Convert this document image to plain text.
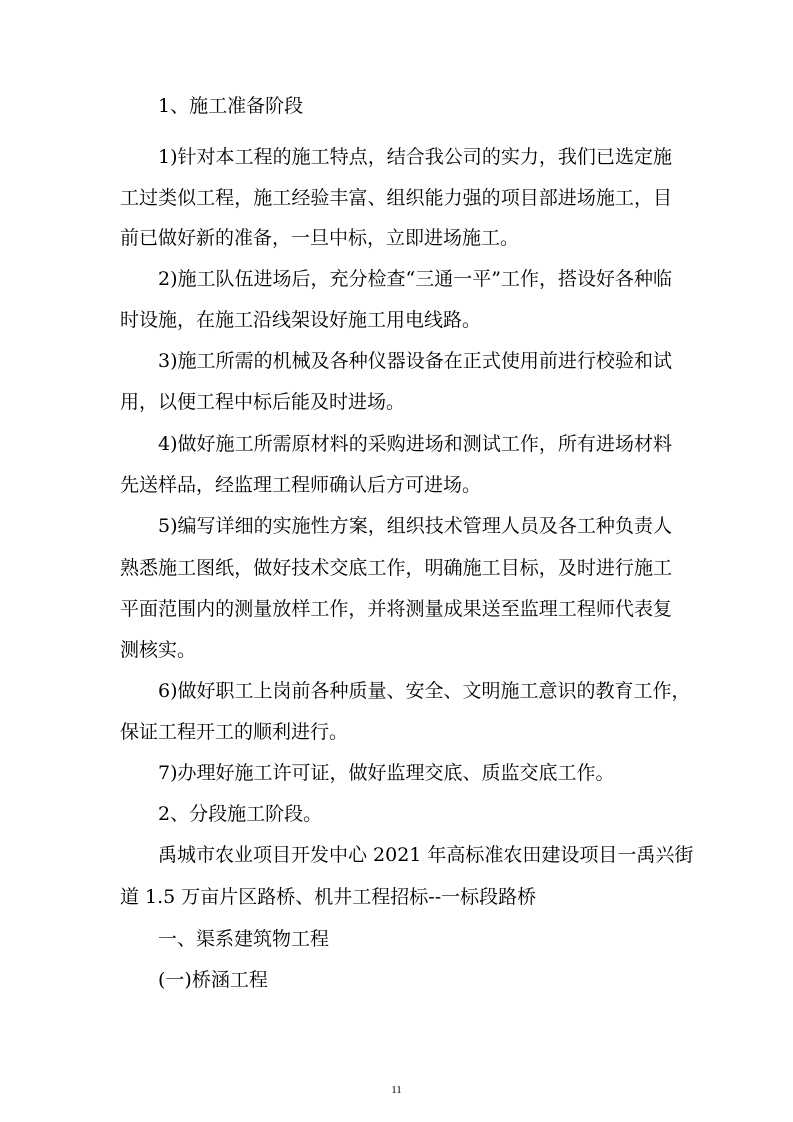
1、施工准备阶段
1)针对本工程的施工特点，结合我公司的实力，我们已选定施
工过类似工程，施工经验丰富、组织能力强的项目部进场施工，目
前已做好新的准备，一旦中标，立即进场施工。
2)施工队伍进场后，充分检查“三通一平”工作，搭设好各种临
时设施，在施工沿线架设好施工用电线路。
3)施工所需的机械及各种仪器设备在正式使用前进行校验和试
用，以便工程中标后能及时进场。
4)做好施工所需原材料的采购进场和测试工作，所有进场材料
先送样品，经监理工程师确认后方可进场。
5)编写详细的实施性方案，组织技术管理人员及各工种负责人
熟悉施工图纸，做好技术交底工作，明确施工目标，及时进行施工
平面范围内的测量放样工作，并将测量成果送至监理工程师代表复
测核实。
6)做好职工上岗前各种质量、安全、文明施工意识的教育工作，
保证工程开工的顺利进行。
7)办理好施工许可证，做好监理交底、质监交底工作。
2、分段施工阶段。
禹城市农业项目开发中心 2021 年高标准农田建设项目一禹兴街
道 1.5 万亩片区路桥、机井工程招标--一标段路桥
一、渠系建筑物工程
(一)桥涵工程
11
